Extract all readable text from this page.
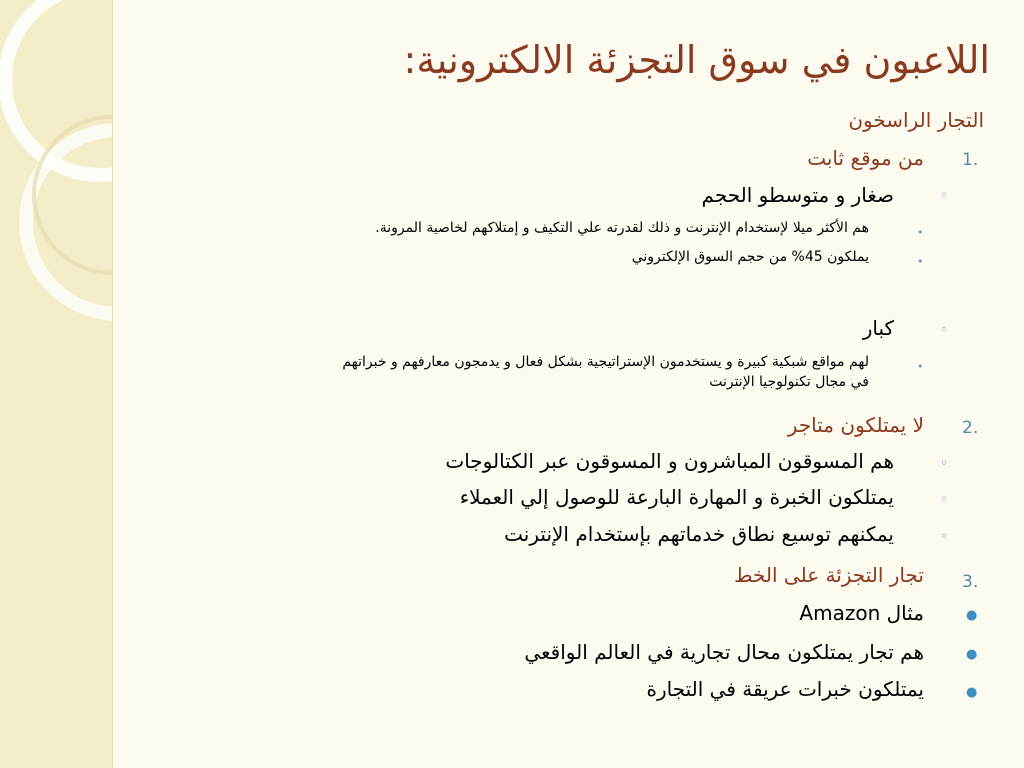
اللاعبون في سوق التجزئة الالكترونية:
التجار الراسخون
1.
من موقع ثابت
◦
صغار و متوسطو الحجم
•
هم الأكثر ميلا لإستخدام الإنترنت و ذلك لقدرته علي التكيف و إمتلاكهم لخاصية المرونة.
•
يملكون 45% من حجم السوق الإلكتروني
◦
كبار
•
لهم مواقع شبكية كبيرة و يستخدمون الإستراتيجية بشكل فعال و يدمجون معارفهم و خبراتهم
في مجال تكنولوجيا الإنترنت
2.
لا يمتلكون متاجر
◦
هم المسوقون المباشرون و المسوقون عبر الكتالوجات
◦
يمتلكون الخبرة و المهارة البارعة للوصول إلي العملاء
◦
يمكنهم توسيع نطاق خدماتهم بإستخدام الإنترنت
3.
تجار التجزئة على الخط
●
مثال Amazon
●
هم تجار يمتلكون محال تجارية في العالم الواقعي
●
يمتلكون خبرات عريقة في التجارة
